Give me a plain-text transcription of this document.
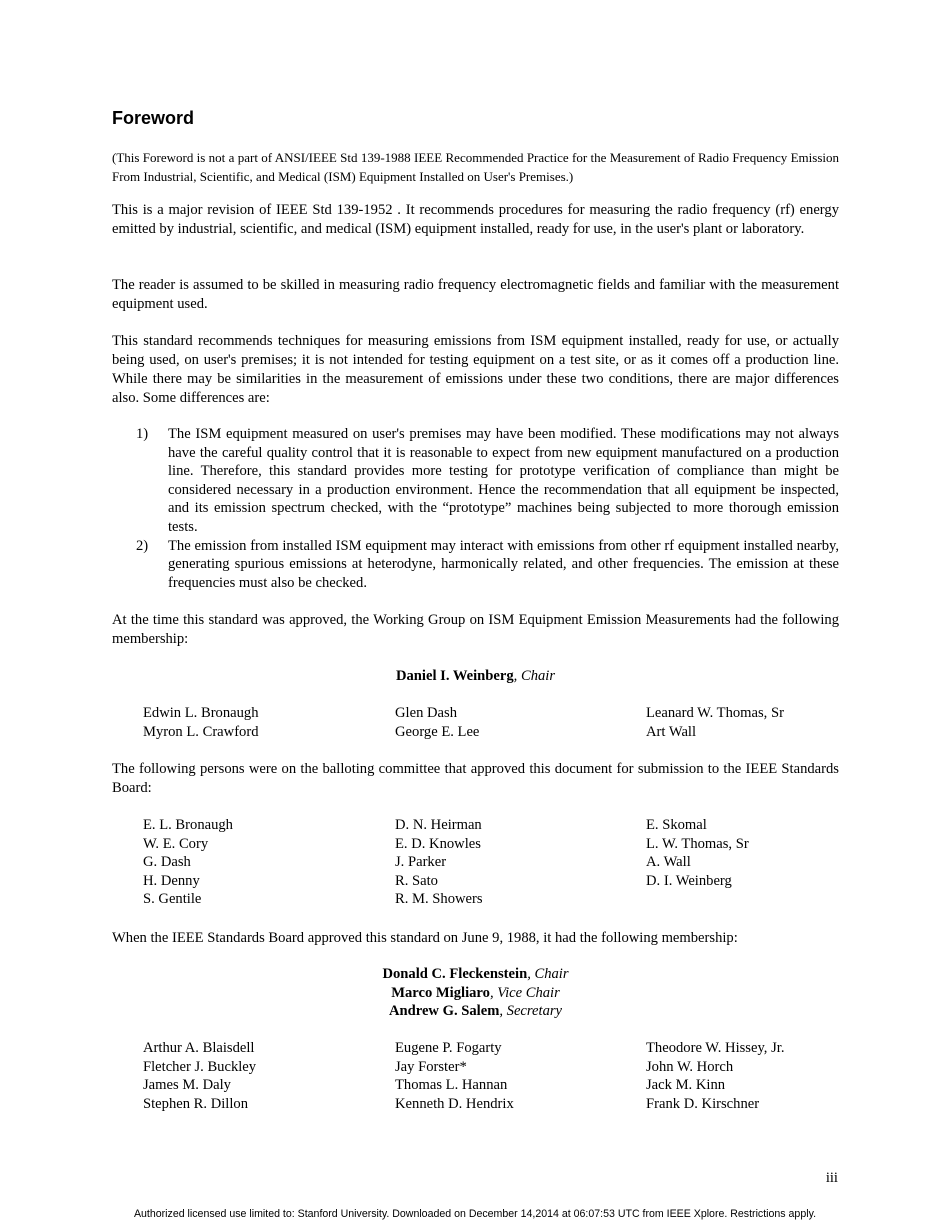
Foreword
(This Foreword is not a part of ANSI/IEEE Std 139-1988 IEEE Recommended Practice for the Measurement of Radio Frequency Emission From Industrial, Scientific, and Medical (ISM) Equipment Installed on User's Premises.)

This is a major revision of IEEE Std 139-1952 . It recommends procedures for measuring the radio frequency (rf) energy emitted by industrial, scientific, and medical (ISM) equipment installed, ready for use, in the user's plant or laboratory.

The reader is assumed to be skilled in measuring radio frequency electromagnetic fields and familiar with the measurement equipment used.

This standard recommends techniques for measuring emissions from ISM equipment installed, ready for use, or actually being used, on user's premises; it is not intended for testing equipment on a test site, or as it comes off a production line. While there may be similarities in the measurement of emissions under these two conditions, there are major differences also. Some differences are:

1) The ISM equipment measured on user's premises may have been modified. These modifications may not always have the careful quality control that it is reasonable to expect from new equipment manufactured on a production line. Therefore, this standard provides more testing for prototype verification of compliance than might be considered necessary in a production environment. Hence the recommendation that all equipment be inspected, and its emission spectrum checked, with the “prototype” machines being subjected to more thorough emission tests.
2) The emission from installed ISM equipment may interact with emissions from other rf equipment installed nearby, generating spurious emissions at heterodyne, harmonically related, and other frequencies. The emission at these frequencies must also be checked.

At the time this standard was approved, the Working Group on ISM Equipment Emission Measurements had the following membership:

Daniel I. Weinberg, Chair
Edwin L. Bronaugh
Myron L. Crawford
Glen Dash
George E. Lee
Leanard W. Thomas, Sr
Art Wall

The following persons were on the balloting committee that approved this document for submission to the IEEE Standards Board:

E. L. Bronaugh
W. E. Cory
G. Dash
H. Denny
S. Gentile
D. N. Heirman
E. D. Knowles
J. Parker
R. Sato
R. M. Showers
E. Skomal
L. W. Thomas, Sr
A. Wall
D. I. Weinberg

When the IEEE Standards Board approved this standard on June 9, 1988, it had the following membership:

Donald C. Fleckenstein, Chair
Marco Migliaro, Vice Chair
Andrew G. Salem, Secretary
Arthur A. Blaisdell
Fletcher J. Buckley
James M. Daly
Stephen R. Dillon
Eugene P. Fogarty
Jay Forster*
Thomas L. Hannan
Kenneth D. Hendrix
Theodore W. Hissey, Jr.
John W. Horch
Jack M. Kinn
Frank D. Kirschner
iii
Authorized licensed use limited to: Stanford University. Downloaded on December 14,2014 at 06:07:53 UTC from IEEE Xplore. Restrictions apply.
